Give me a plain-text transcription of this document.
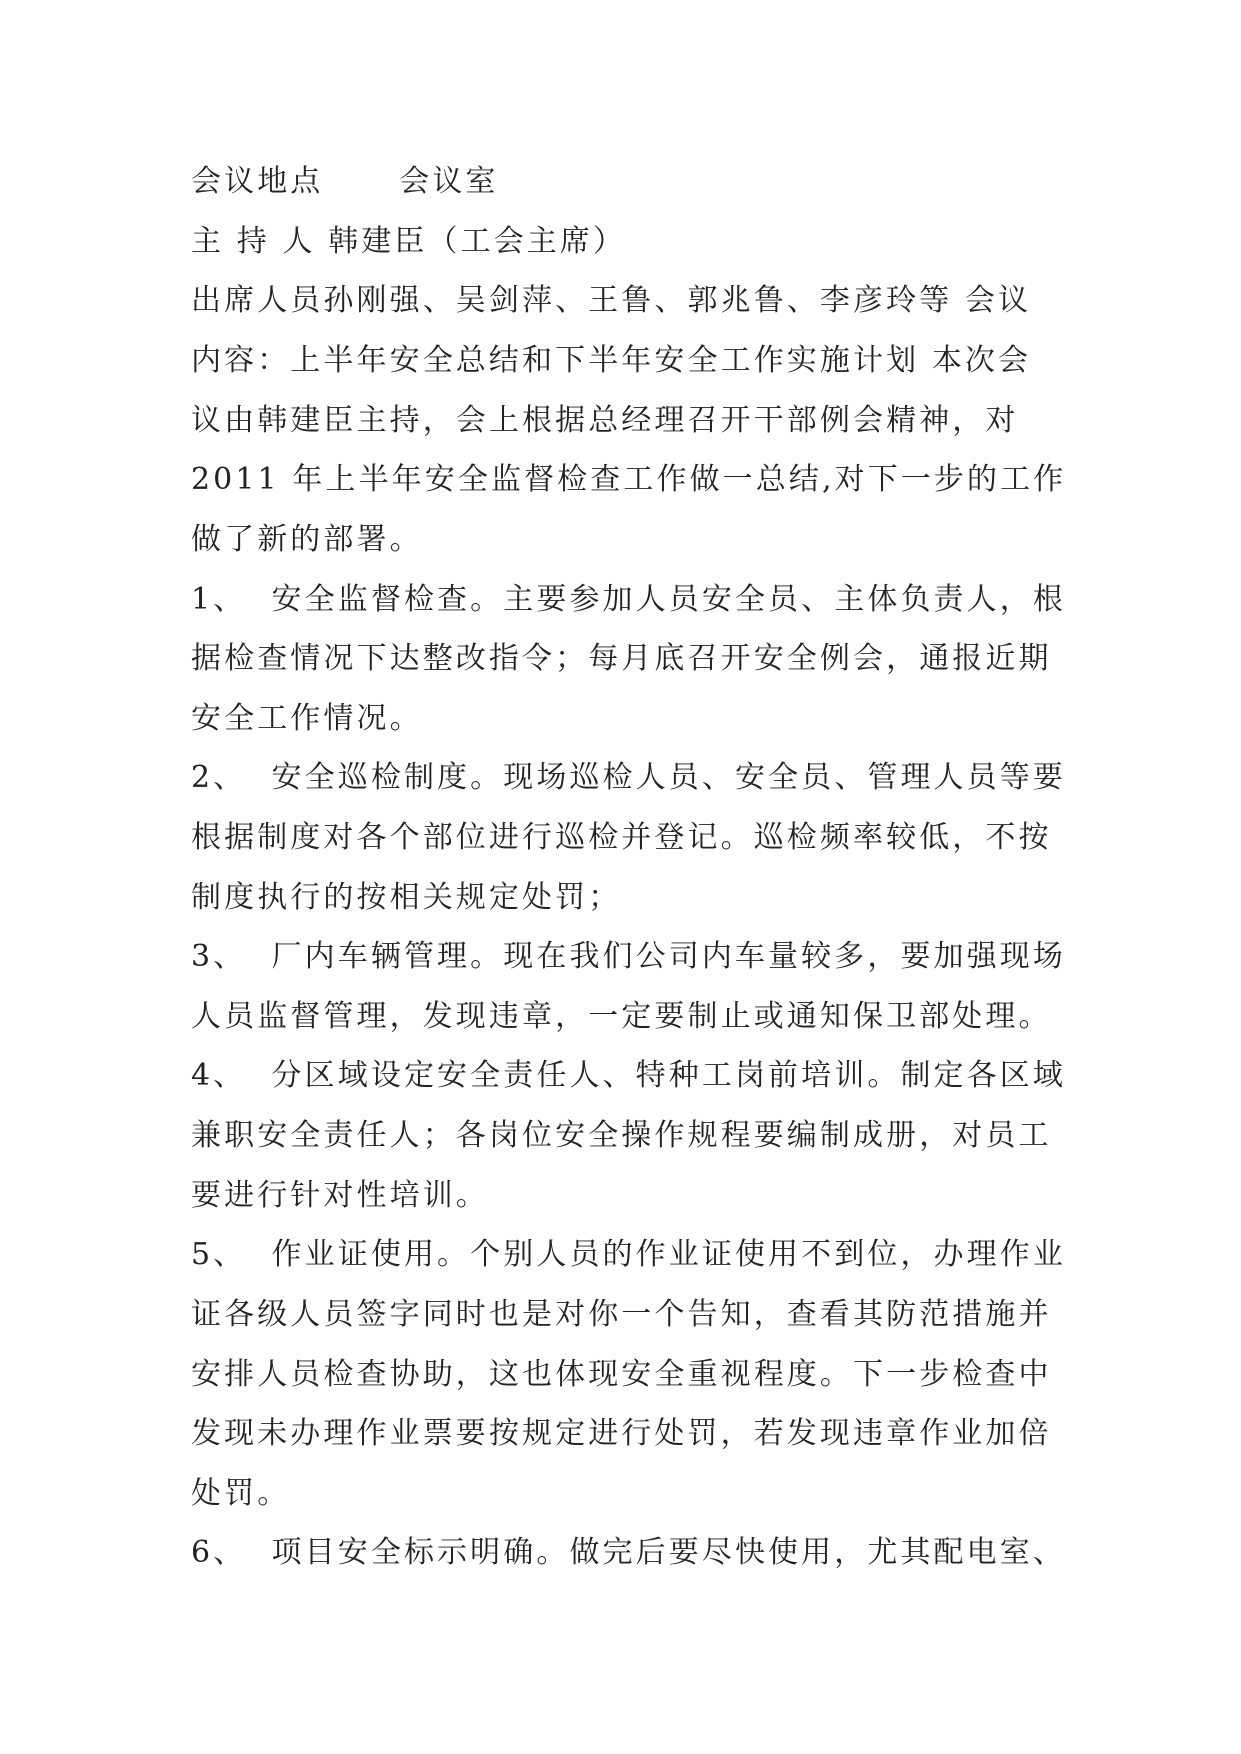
会议地点      会议室
主 持 人 韩建臣（工会主席）
出席人员孙刚强、吴剑萍、王鲁、郭兆鲁、李彦玲等 会议
内容：上半年安全总结和下半年安全工作实施计划 本次会
议由韩建臣主持，会上根据总经理召开干部例会精神，对
2011 年上半年安全监督检查工作做一总结,对下一步的工作
做了新的部署。
1、  安全监督检查。主要参加人员安全员、主体负责人，根
据检查情况下达整改指令；每月底召开安全例会，通报近期
安全工作情况。
2、  安全巡检制度。现场巡检人员、安全员、管理人员等要
根据制度对各个部位进行巡检并登记。巡检频率较低，不按
制度执行的按相关规定处罚；
3、  厂内车辆管理。现在我们公司内车量较多，要加强现场
人员监督管理，发现违章，一定要制止或通知保卫部处理。
4、  分区域设定安全责任人、特种工岗前培训。制定各区域
兼职安全责任人；各岗位安全操作规程要编制成册，对员工
要进行针对性培训。
5、  作业证使用。个别人员的作业证使用不到位，办理作业
证各级人员签字同时也是对你一个告知，查看其防范措施并
安排人员检查协助，这也体现安全重视程度。下一步检查中
发现未办理作业票要按规定进行处罚，若发现违章作业加倍
处罚。
6、  项目安全标示明确。做完后要尽快使用，尤其配电室、
